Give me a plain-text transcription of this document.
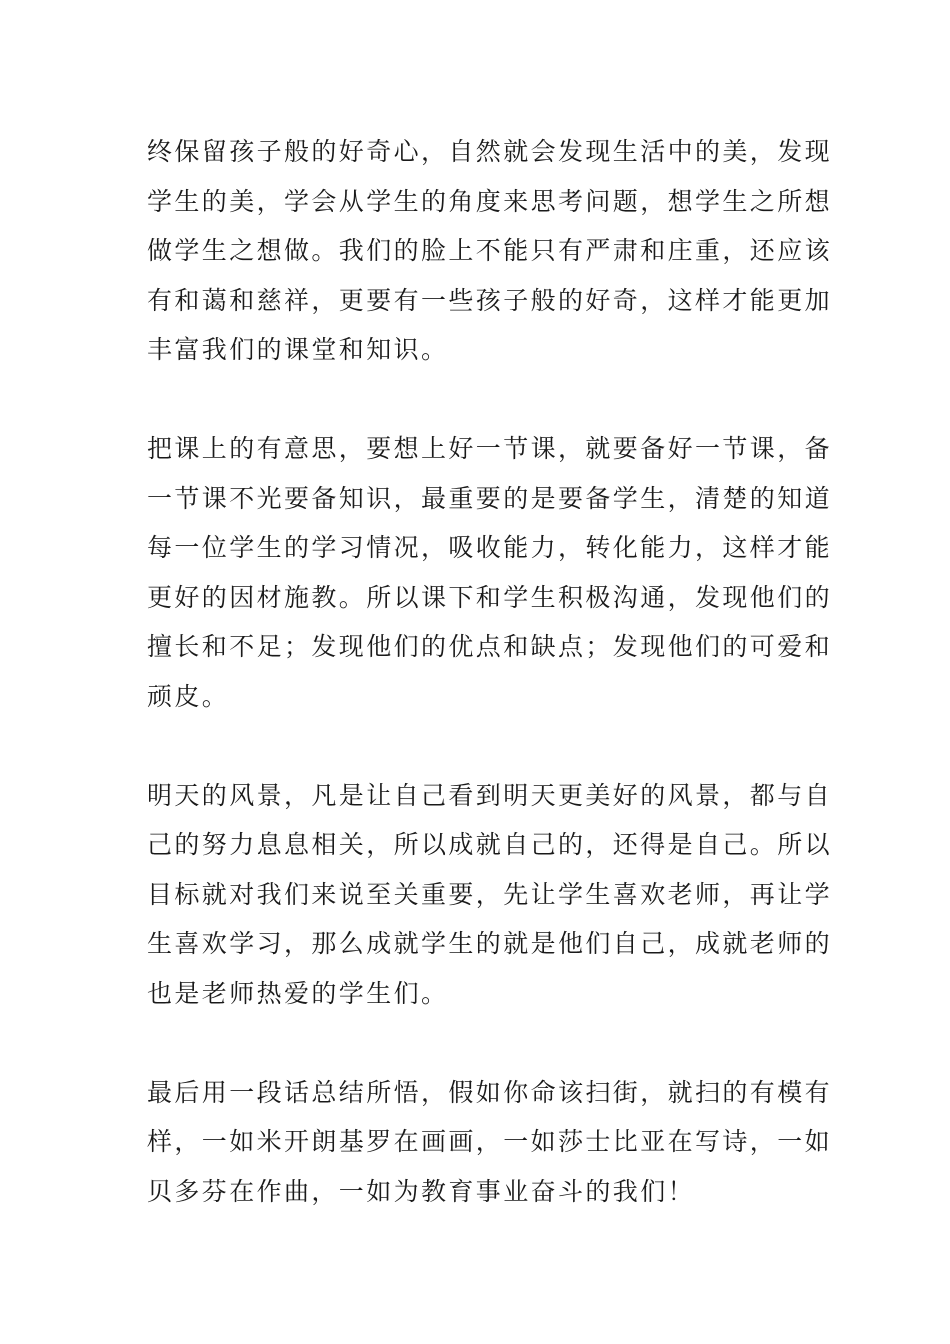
终保留孩子般的好奇心，自然就会发现生活中的美，发现
学生的美，学会从学生的角度来思考问题，想学生之所想
做学生之想做。我们的脸上不能只有严肃和庄重，还应该
有和蔼和慈祥，更要有一些孩子般的好奇，这样才能更加
丰富我们的课堂和知识。

把课上的有意思，要想上好一节课，就要备好一节课，备
一节课不光要备知识，最重要的是要备学生，清楚的知道
每一位学生的学习情况，吸收能力，转化能力，这样才能
更好的因材施教。所以课下和学生积极沟通，发现他们的
擅长和不足；发现他们的优点和缺点；发现他们的可爱和
顽皮。

明天的风景，凡是让自己看到明天更美好的风景，都与自
己的努力息息相关，所以成就自己的，还得是自己。所以
目标就对我们来说至关重要，先让学生喜欢老师，再让学
生喜欢学习，那么成就学生的就是他们自己，成就老师的
也是老师热爱的学生们。

最后用一段话总结所悟，假如你命该扫街，就扫的有模有
样，一如米开朗基罗在画画，一如莎士比亚在写诗，一如
贝多芬在作曲，一如为教育事业奋斗的我们！
